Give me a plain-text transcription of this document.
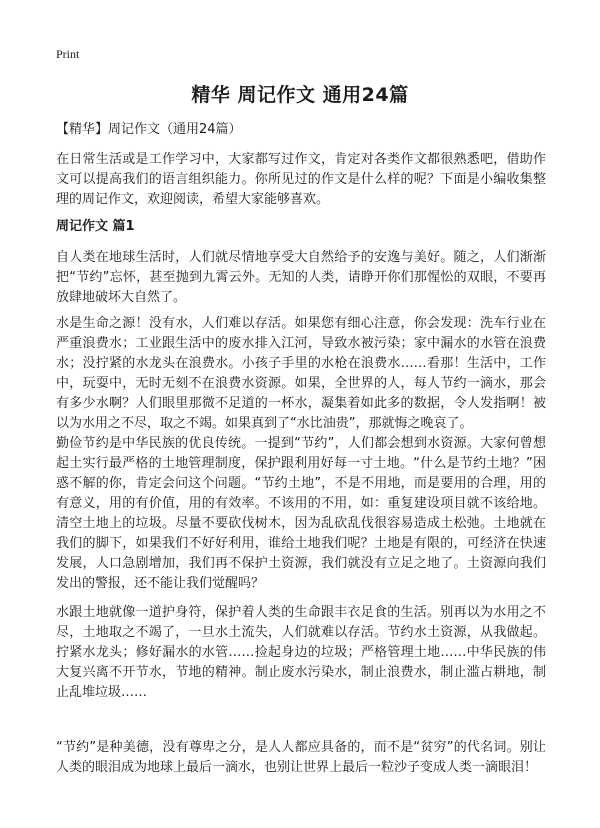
Print
精华 周记作文 通用24篇

【精华】周记作文（通用24篇）

在日常生活或是工作学习中，大家都写过作文，肯定对各类作文都很熟悉吧，借助作文可以提高我们的语言组织能力。你所见过的作文是什么样的呢？下面是小编收集整理的周记作文，欢迎阅读，希望大家能够喜欢。

周记作文 篇1

自人类在地球生活时，人们就尽情地享受大自然给予的安逸与美好。随之，人们渐渐把“节约”忘怀，甚至抛到九霄云外。无知的人类，请睁开你们那惺忪的双眼，不要再放肆地破坏大自然了。

水是生命之源！没有水，人们难以存活。如果您有细心注意，你会发现：洗车行业在严重浪费水；工业跟生活中的废水排入江河，导致水被污染；家中漏水的水管在浪费水；没拧紧的水龙头在浪费水。小孩子手里的水枪在浪费水……看那！生活中，工作中，玩耍中，无时无刻不在浪费水资源。如果，全世界的人，每人节约一滴水，那会有多少水啊？人们眼里那微不足道的一杯水，凝集着如此多的数据，令人发指啊！被以为水用之不尽，取之不竭。如果真到了“水比油贵”，那就悔之晚哀了。

勤俭节约是中华民族的优良传统。一提到“节约”，人们都会想到水资源。大家何曾想起土实行最严格的土地管理制度，保护跟利用好每一寸土地。“什么是节约土地？”困惑不解的你，肯定会问这个问题。“节约土地”，不是不用地，而是要用的合理，用的有意义，用的有价值，用的有效率。不该用的不用，如：重复建设项目就不该给地。清空土地上的垃圾。尽量不要砍伐树木，因为乱砍乱伐很容易造成土松弛。土地就在我们的脚下，如果我们不好好利用，谁给土地我们呢？土地是有限的，可经济在快速发展，人口急剧增加，我们再不保护土资源，我们就没有立足之地了。土资源向我们发出的警报，还不能让我们觉醒吗？

水跟土地就像一道护身符，保护着人类的生命跟丰衣足食的生活。别再以为水用之不尽，土地取之不竭了，一旦水土流失，人们就难以存活。节约水土资源，从我做起。拧紧水龙头；修好漏水的水管……捡起身边的垃圾；严格管理土地……中华民族的伟大复兴离不开节水，节地的精神。制止废水污染水，制止浪费水，制止滥占耕地，制止乱堆垃圾……

“节约”是种美德，没有尊卑之分，是人人都应具备的，而不是“贫穷”的代名词。别让人类的眼泪成为地球上最后一滴水，也别让世界上最后一粒沙子变成人类一滴眼泪！
